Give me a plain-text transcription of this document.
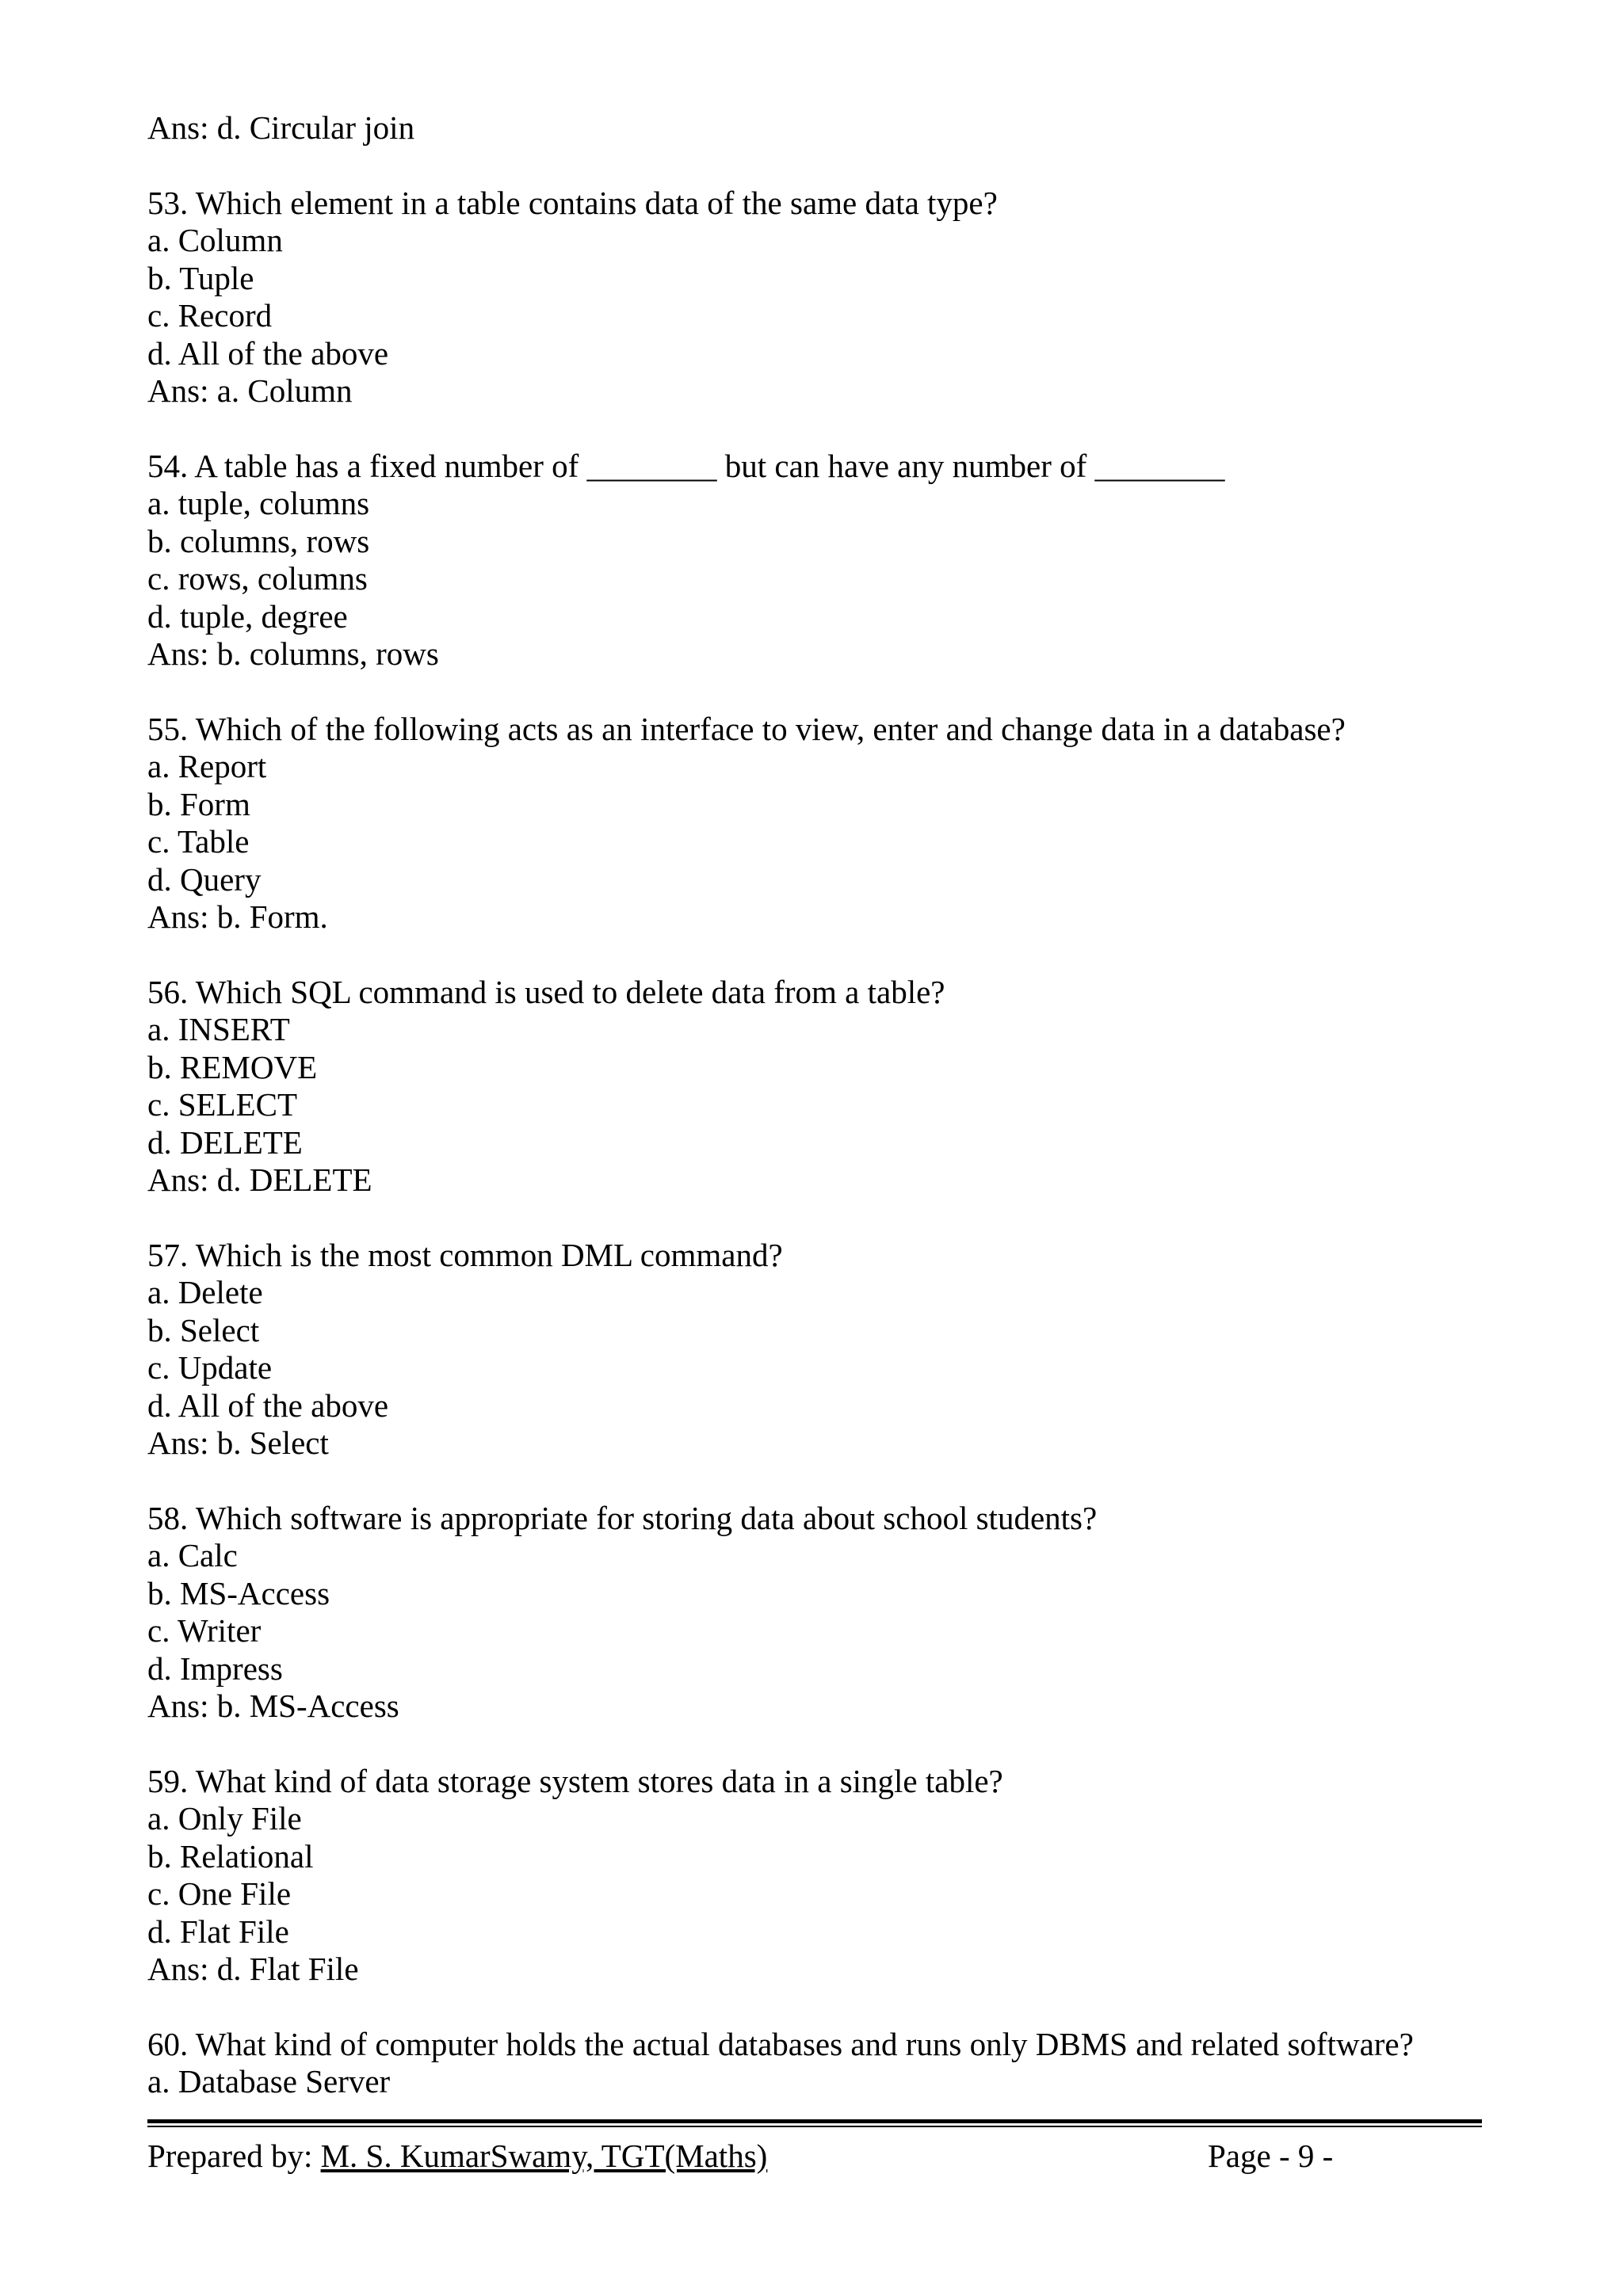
Ans: d. Circular join
53. Which element in a table contains data of the same data type?
a. Column
b. Tuple
c. Record
d. All of the above
Ans: a. Column
54. A table has a fixed number of ________ but can have any number of ________
a. tuple, columns
b. columns, rows
c. rows, columns
d. tuple, degree
Ans: b. columns, rows
55. Which of the following acts as an interface to view, enter and change data in a database?
a. Report
b. Form
c. Table
d. Query
Ans: b. Form.
56. Which SQL command is used to delete data from a table?
a. INSERT
b. REMOVE
c. SELECT
d. DELETE
Ans: d. DELETE
57. Which is the most common DML command?
a. Delete
b. Select
c. Update
d. All of the above
Ans: b. Select
58. Which software is appropriate for storing data about school students?
a. Calc
b. MS-Access
c. Writer
d. Impress
Ans: b. MS-Access
59. What kind of data storage system stores data in a single table?
a. Only File
b. Relational
c. One File
d. Flat File
Ans: d. Flat File
60. What kind of computer holds the actual databases and runs only DBMS and related software?
a. Database Server
Prepared by: M. S. KumarSwamy, TGT(Maths)	Page - 9 -
